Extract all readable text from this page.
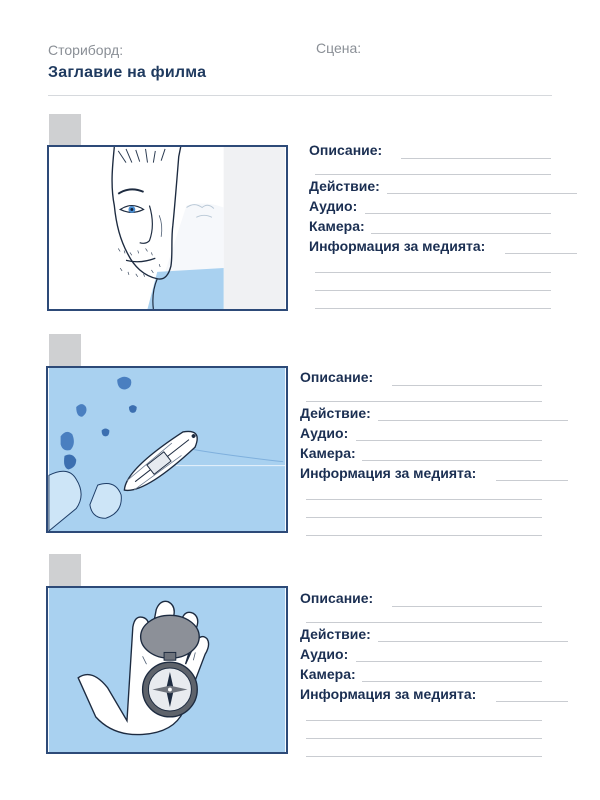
Сториборд:	Сцена:
Заглавие на филма
Описание:
Действие:
Аудио:
Камера:
Информация за медията:
Описание:
Действие:
Аудио:
Камера:
Информация за медията:
Описание:
Действие:
Аудио:
Камера:
Информация за медията:
